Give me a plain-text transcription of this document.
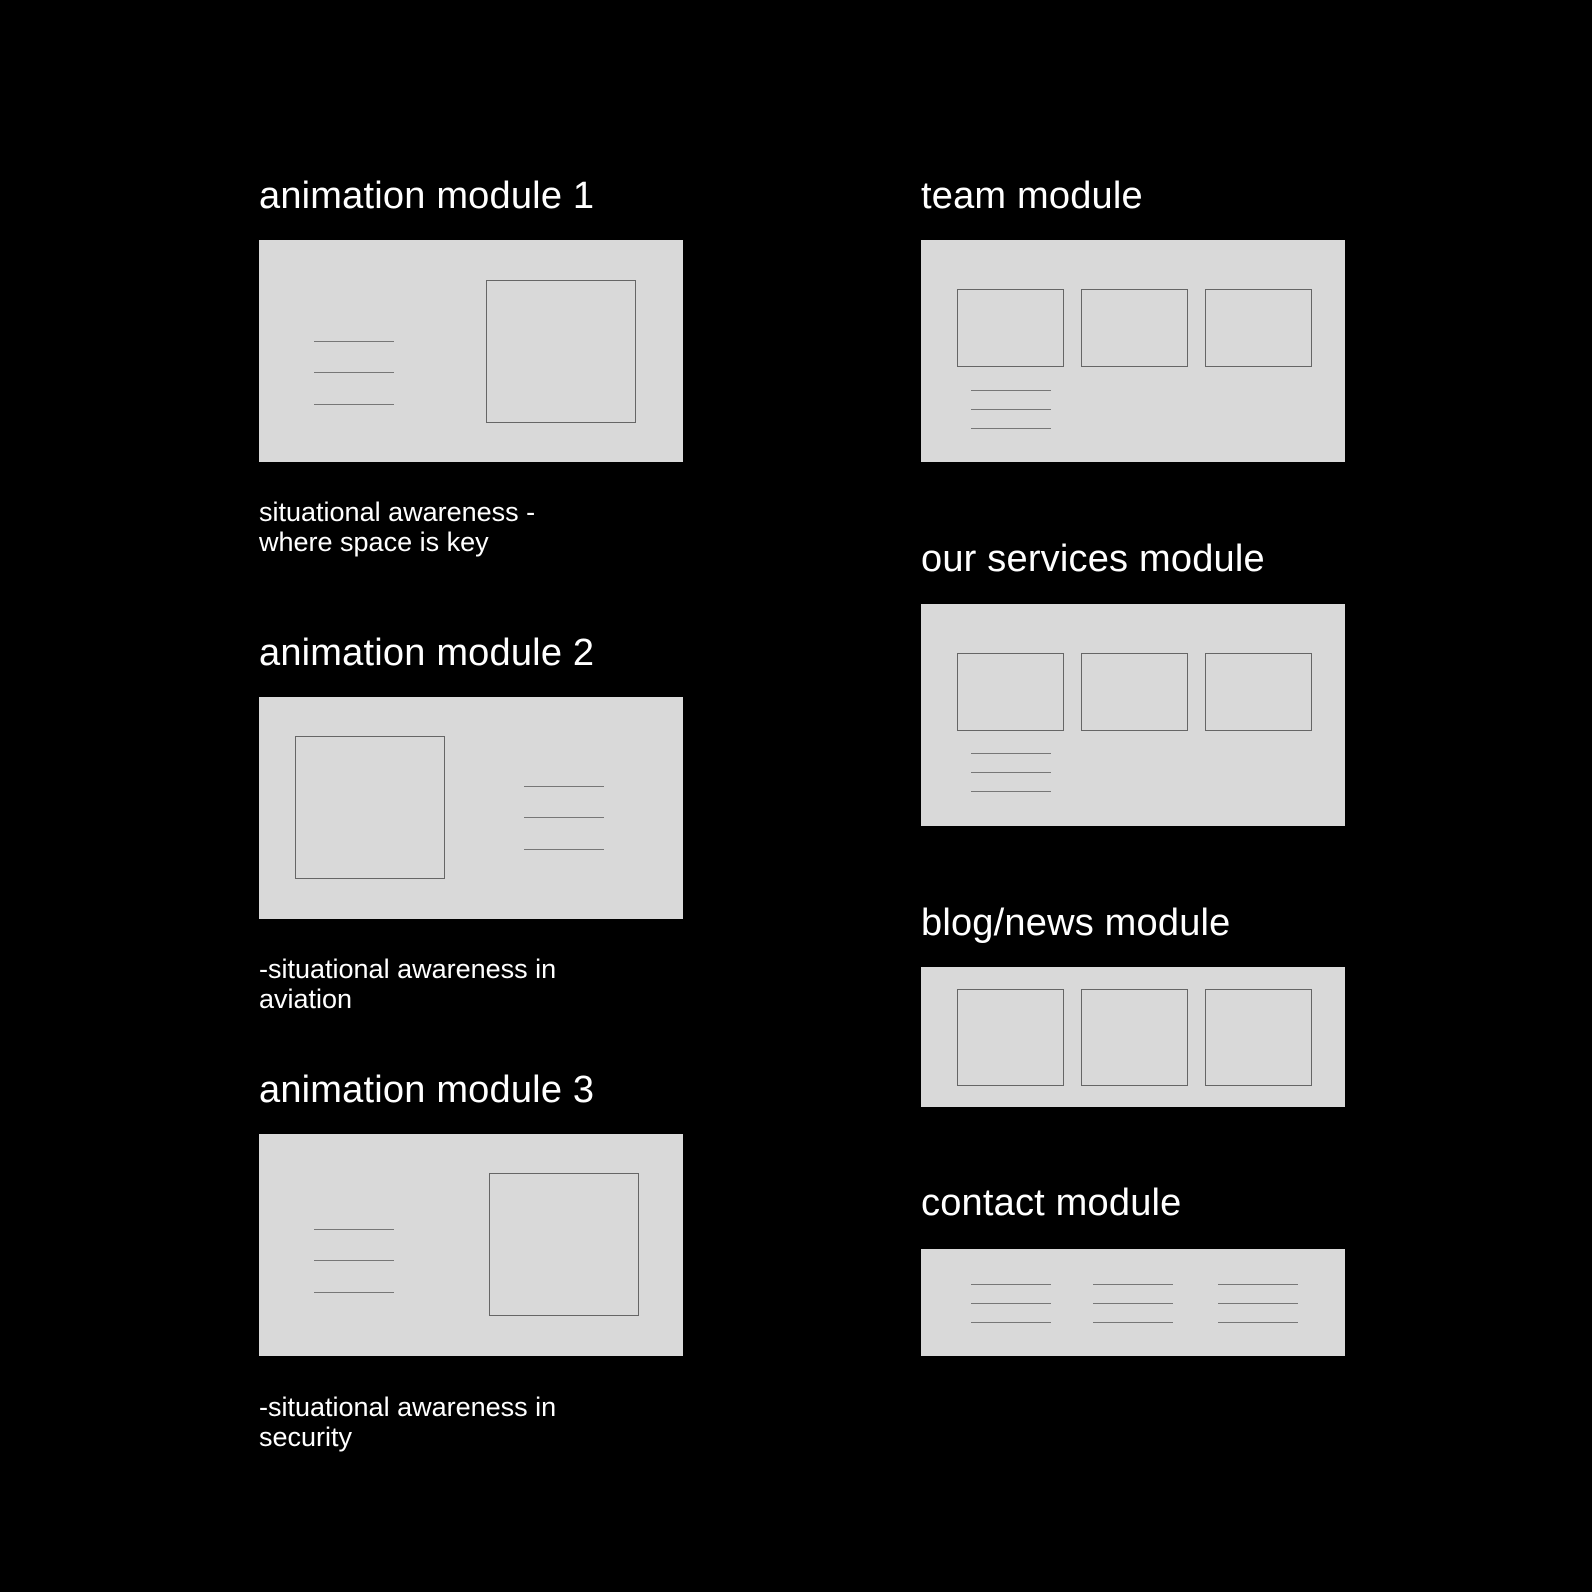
animation module 1
situational awareness -
where space is key
animation module 2
-situational awareness in
aviation
animation module 3
-situational awareness in
security
team module
our services module
blog/news module
contact module
